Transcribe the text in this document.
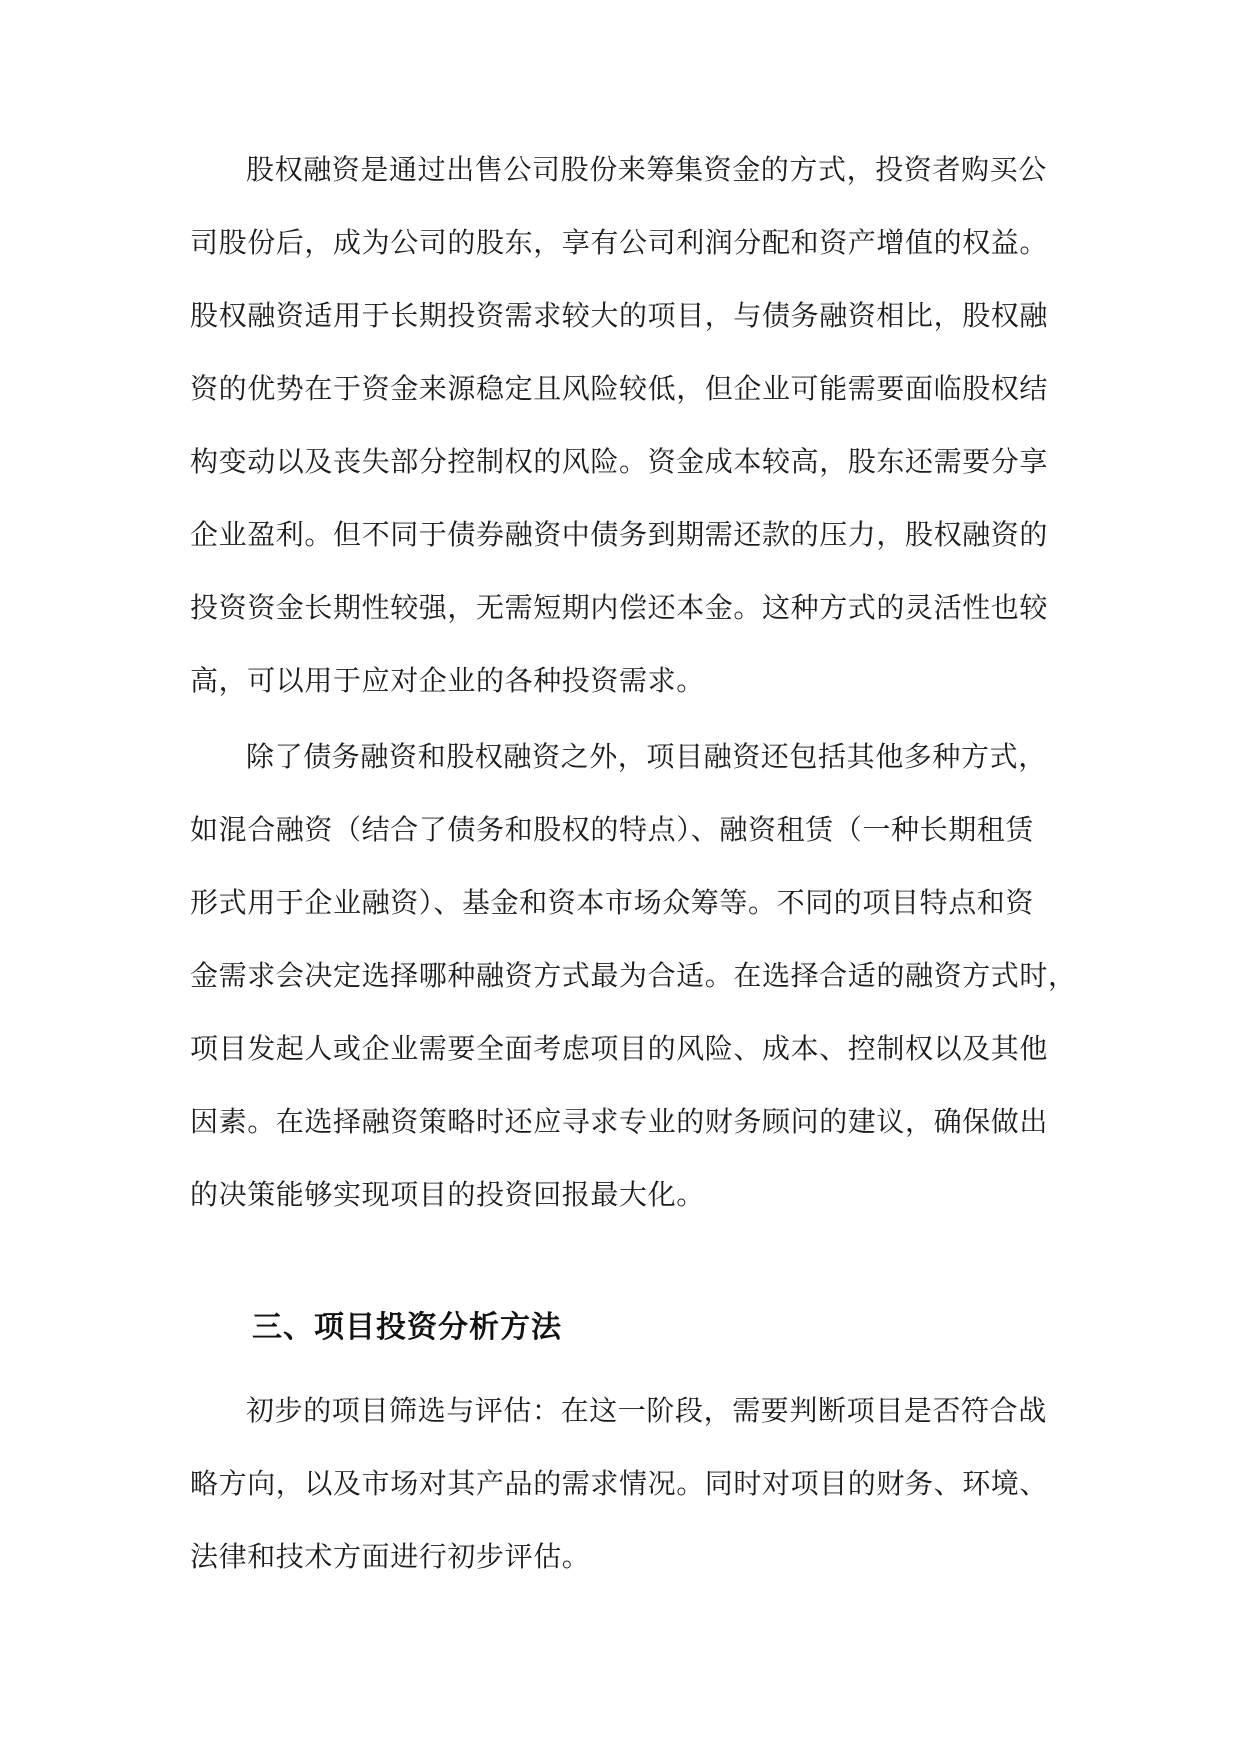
股权融资是通过出售公司股份来筹集资金的方式，投资者购买公
司股份后，成为公司的股东，享有公司利润分配和资产增值的权益。
股权融资适用于长期投资需求较大的项目，与债务融资相比，股权融
资的优势在于资金来源稳定且风险较低，但企业可能需要面临股权结
构变动以及丧失部分控制权的风险。资金成本较高，股东还需要分享
企业盈利。但不同于债券融资中债务到期需还款的压力，股权融资的
投资资金长期性较强，无需短期内偿还本金。这种方式的灵活性也较
高，可以用于应对企业的各种投资需求。
除了债务融资和股权融资之外，项目融资还包括其他多种方式，
如混合融资（结合了债务和股权的特点）、融资租赁（一种长期租赁
形式用于企业融资）、基金和资本市场众筹等。不同的项目特点和资
金需求会决定选择哪种融资方式最为合适。在选择合适的融资方式时，
项目发起人或企业需要全面考虑项目的风险、成本、控制权以及其他
因素。在选择融资策略时还应寻求专业的财务顾问的建议，确保做出
的决策能够实现项目的投资回报最大化。
三、项目投资分析方法
初步的项目筛选与评估：在这一阶段，需要判断项目是否符合战
略方向，以及市场对其产品的需求情况。同时对项目的财务、环境、
法律和技术方面进行初步评估。
